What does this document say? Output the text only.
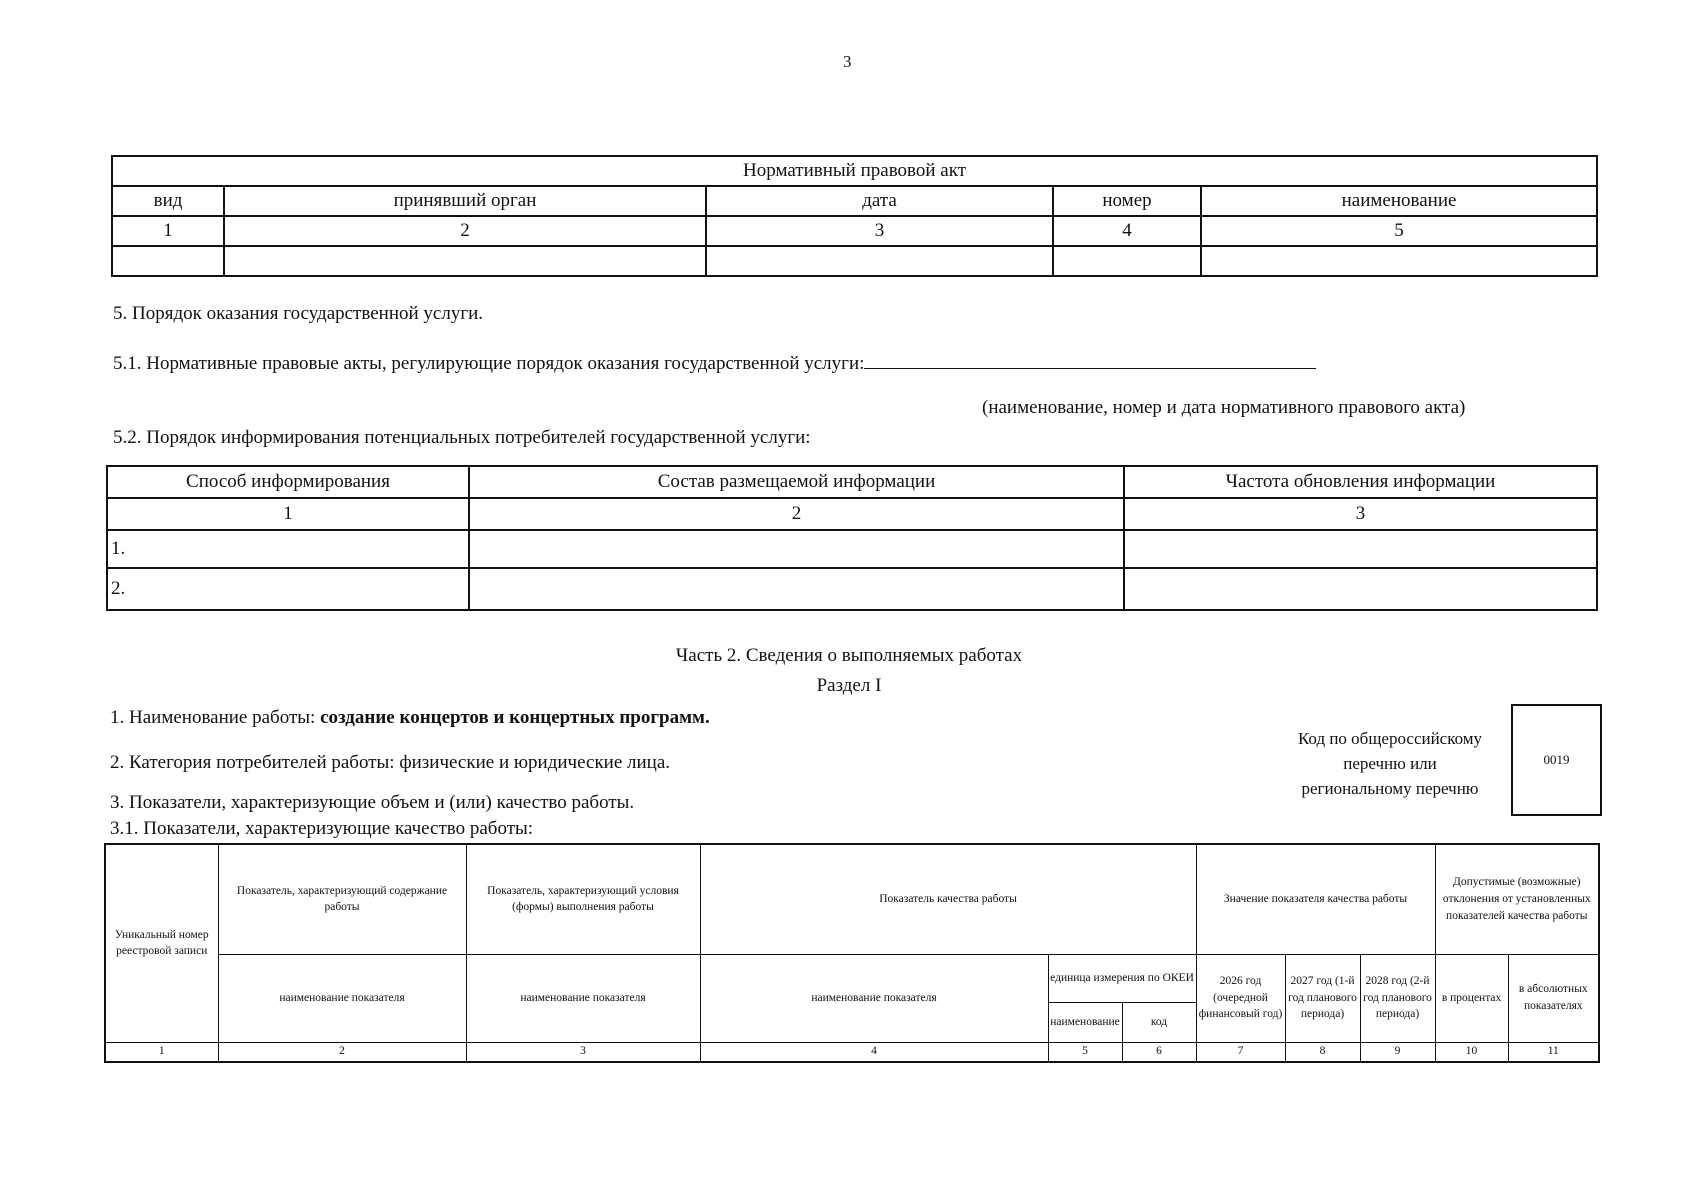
3
Нормативный правовой акт				
вид	принявший орган	дата	номер	наименование
1	2	3	4	5

5. Порядок оказания государственной услуги.
5.1. Нормативные правовые акты, регулирующие порядок оказания государственной услуги:
(наименование, номер и дата нормативного правового акта)
5.2. Порядок информирования потенциальных потребителей государственной услуги:
Способ информирования	Состав размещаемой информации	Частота обновления информации
1	2	3
1.		
2.		
Часть 2. Сведения о выполняемых работах
Раздел I
1. Наименование работы: создание концертов и концертных программ.
2. Категория потребителей работы: физические и юридические лица.
3. Показатели, характеризующие объем и (или) качество работы.
3.1. Показатели, характеризующие качество работы:
Код по общероссийскому
перечню или
региональному перечню
0019
Уникальный номер реестровой записи	Показатель, характеризующий содержание работы	Показатель, характеризующий условия (формы) выполнения работы	Показатель качества работы			Значение показателя качества работы			Допустимые (возможные) отклонения от установленных показателей качества работы	
	наименование показателя	наименование показателя	наименование показателя	единица измерения по ОКЕИ		2026 год (очередной финансовый год)	2027 год (1-й год планового периода)	2028 год (2-й год планового периода)	в процентах	в абсолютных показателях
				наименование	код					
1	2	3	4	5	6	7	8	9	10	11
